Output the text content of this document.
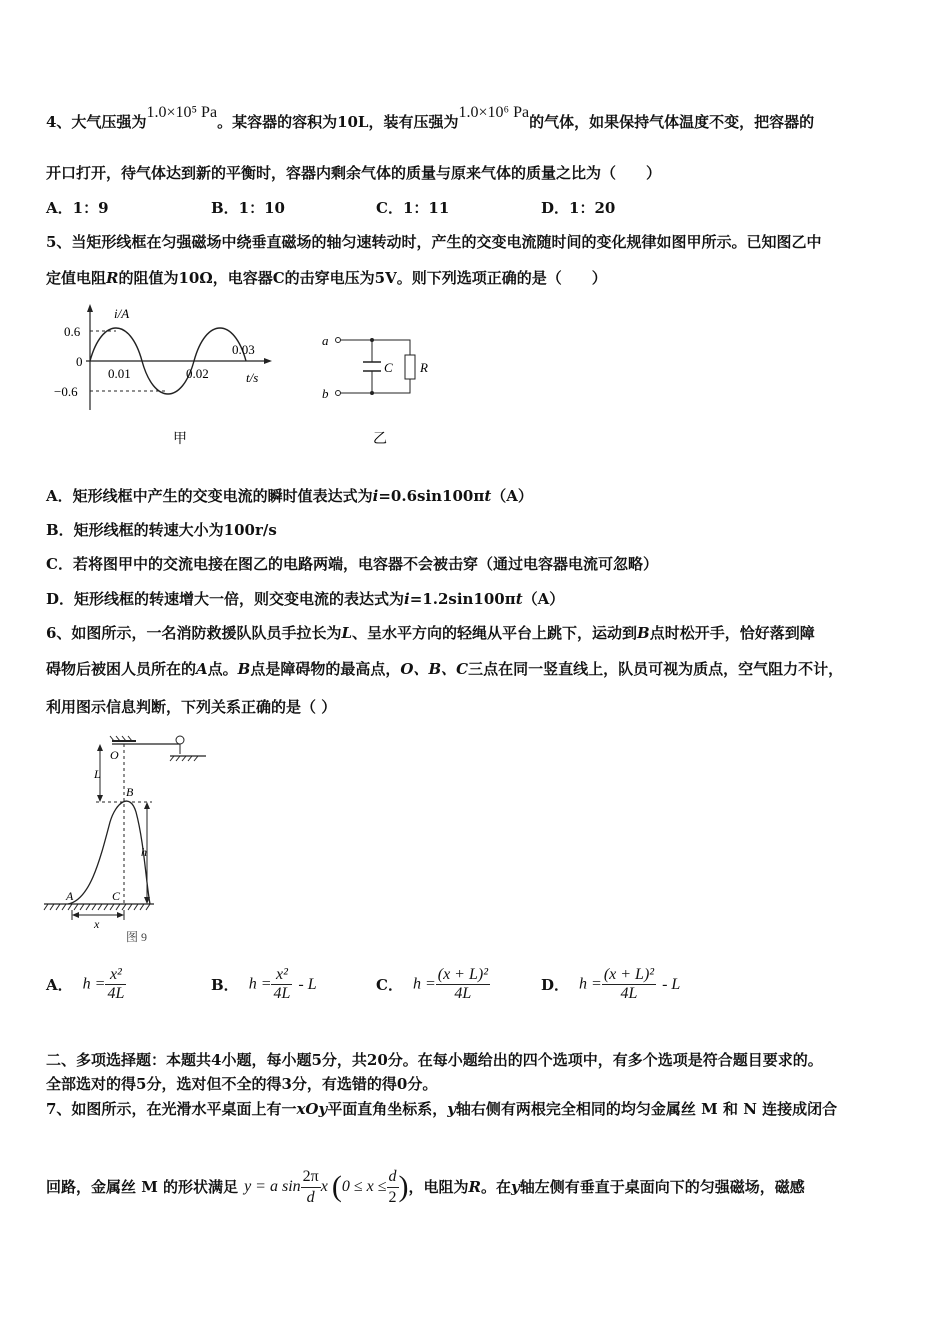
4、大气压强为1.0×10⁵ Pa。某容器的容积为10L，装有压强为1.0×10⁶ Pa的气体，如果保持气体温度不变，把容器的
开口打开，待气体达到新的平衡时，容器内剩余气体的质量与原来气体的质量之比为（　　）
A．1：9	B．1：10	C．1：11	D．1：20
5、当矩形线框在匀强磁场中绕垂直磁场的轴匀速转动时，产生的交变电流随时间的变化规律如图甲所示。已知图乙中
定值电阻R的阻值为10Ω，电容器C的击穿电压为5V。则下列选项正确的是（　　）
i/A
0.6
0
−0.6
0.01	0.02
0.03
t/s
甲
a
b
C R
乙
A．矩形线框中产生的交变电流的瞬时值表达式为i=0.6sin100πt（A）
B．矩形线框的转速大小为100r/s
C．若将图甲中的交流电接在图乙的电路两端，电容器不会被击穿（通过电容器电流可忽略）
D．矩形线框的转速增大一倍，则交变电流的表达式为i=1.2sin100πt（A）
6、如图所示，一名消防救援队队员手拉长为L、呈水平方向的轻绳从平台上跳下，运动到B点时松开手，恰好落到障
碍物后被困人员所在的A点。B点是障碍物的最高点，O、B、C三点在同一竖直线上，队员可视为质点，空气阻力不计，
利用图示信息判断，下列关系正确的是（ ）
L
O
B
h
A	C
x
图 9
A． $h = \frac{\text{x²}}{4L}$	B． $h = \frac{\text{x²}}{4L} - L$	C． $h = \frac{\text{(x + L)²}}{4L}$	D． $h = \frac{\text{(x + L)²}}{4L} - L$
二、多项选择题：本题共4小题，每小题5分，共20分。在每小题给出的四个选项中，有多个选项是符合题目要求的。
全部选对的得5分，选对但不全的得3分，有选错的得0分。
7、如图所示，在光滑水平桌面上有一xOy平面直角坐标系，y轴右侧有两根完全相同的均匀金属丝 M 和 N 连接成闭合
回路，金属丝 M 的形状满足 y = a $\sin \frac{2\pi}{d}$ x ($0 \le x \le \frac{d}{2}$ )，电阻为R。在y轴左侧有垂直于桌面向下的匀强磁场，磁感
